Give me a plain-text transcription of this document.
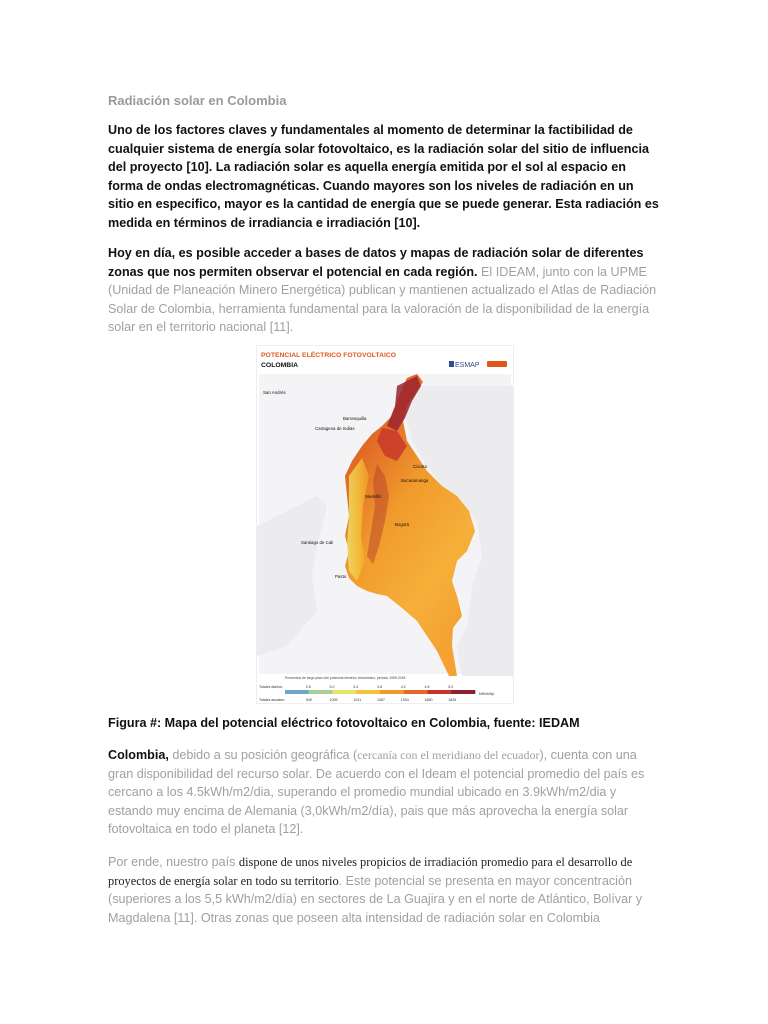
Radiación solar en Colombia
Uno de los factores claves y fundamentales al momento de determinar la factibilidad de cualquier sistema de energía solar fotovoltaico, es la radiación solar del sitio de influencia del proyecto [10]. La radiación solar es aquella energía emitida por el sol al espacio en forma de ondas electromagnéticas. Cuando mayores son los niveles de radiación en un sitio en especifico, mayor es la cantidad de energía que se puede generar. Esta radiación es medida en términos de irradiancia e irradiación [10].
Hoy en día, es posible acceder a bases de datos y mapas de radiación solar de diferentes zonas que nos permiten observar el potencial en cada región. El IDEAM, junto con la UPME (Unidad de Planeación Minero Energética) publican y mantienen actualizado el Atlas de Radiación Solar de Colombia, herramienta fundamental para la valoración de la disponibilidad de la energía solar en el territorio nacional [11].
Figura #: Mapa del potencial eléctrico fotovoltaico en Colombia, fuente: IEDAM
Colombia, debido a su posición geográfica (cercanía con el meridiano del ecuador), cuenta con una gran disponibilidad del recurso solar. De acuerdo con el Ideam el potencial promedio del país es cercano a los 4.5kWh/m2/dia, superando el promedio mundial ubicado en 3.9kWh/m2/dia y estando muy encima de Alemania (3,0kWh/m2/día), pais que más aprovecha la energía solar fotovoltaica en todo el planeta [12].
Por ende, nuestro país dispone de unos niveles propicios de irradiación promedio para el desarrollo de proyectos de energía solar en todo su territorio. Este potencial se presenta en mayor concentración (superiores a los 5,5 kWh/m2/día) en sectores de La Guajira y en el norte de Atlántico, Bolívar y Magdalena [11]. Otras zonas que poseen alta intensidad de radiación solar en Colombia
POTENCIAL ELÉCTRICO FOTOVOLTAICO
COLOMBIA	ESMAP
San Andrés
Barranquilla
Cartagena de Indias
Cúcuta
Bucaramanga
Medellín
Bogotá
Santiago de Cali
Pasto
Promedios de largo plazo del potencial eléctrico fotovoltaico, periodo 1999-2018
Totales diarios:
Totales anuales:
2.6	3.0	3.4	3.8	4.2	4.6	5.0
949	1095	1241	1387	1534	1680	1826
kWh/kWp
